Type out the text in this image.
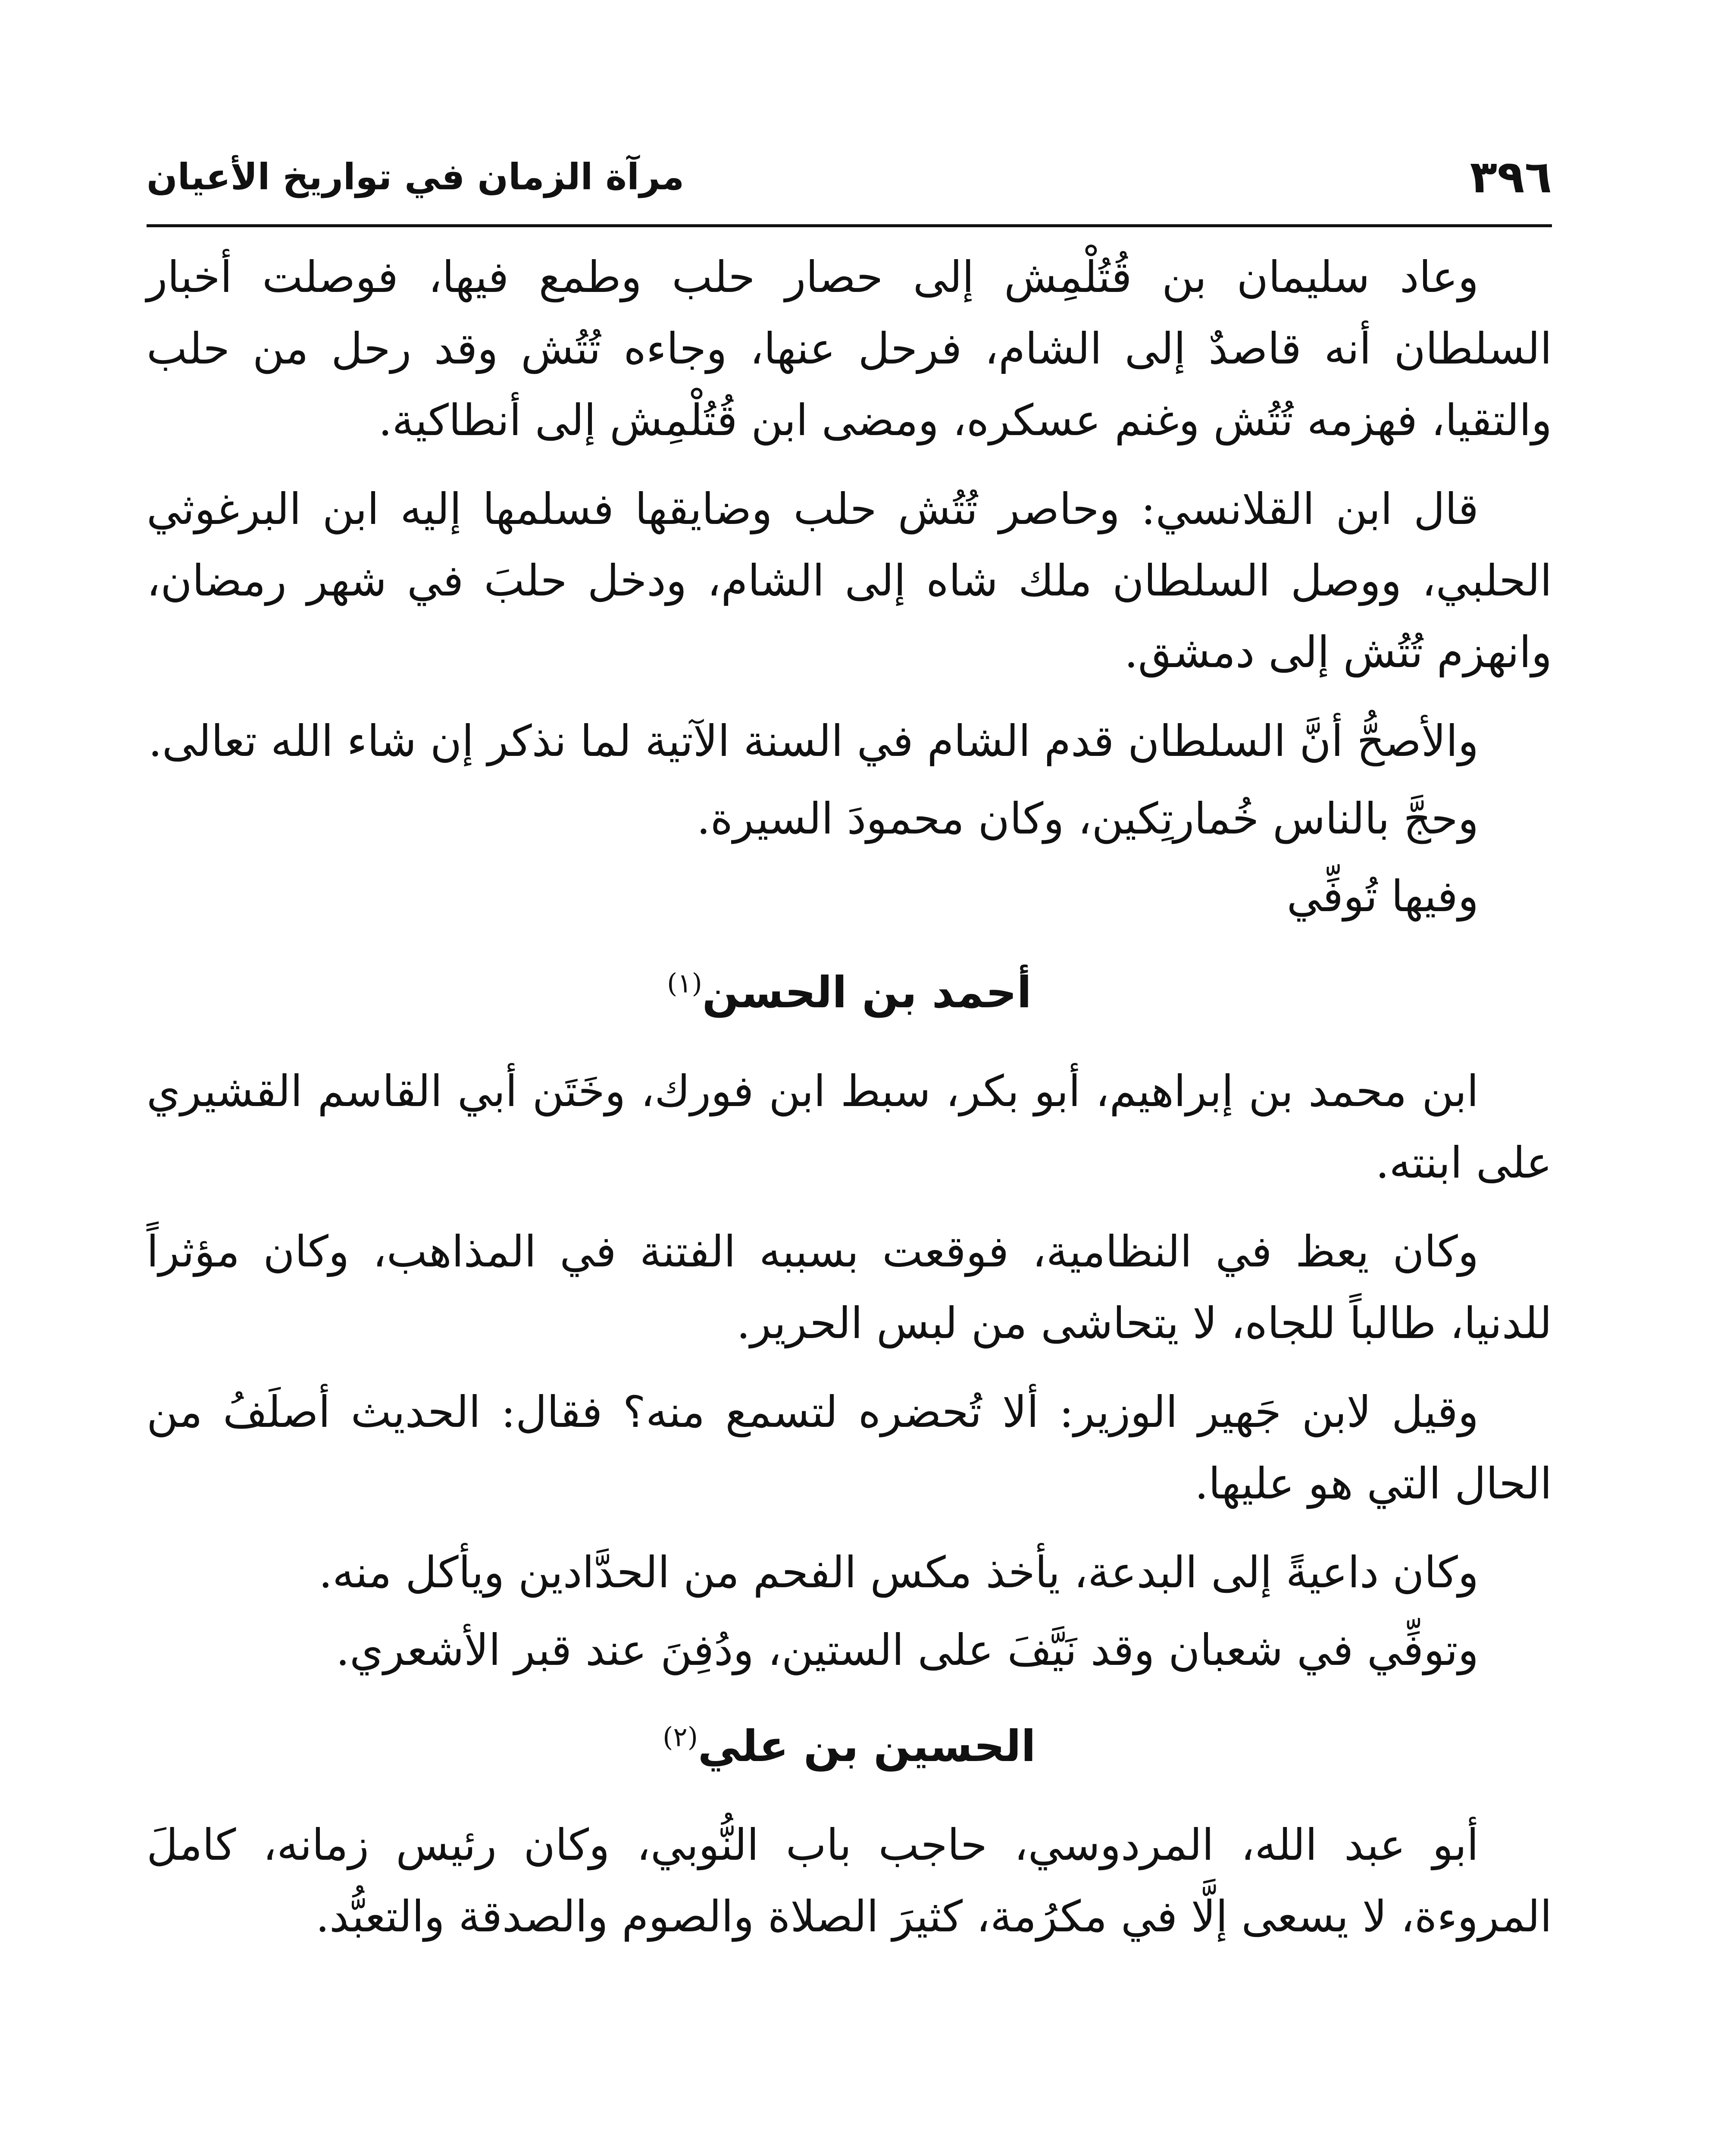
٣٩٦
مرآة الزمان في تواريخ الأعيان

وعاد سليمان بن قُتُلْمِش إلى حصار حلب وطمع فيها، فوصلت أخبار السلطان أنه قاصدٌ إلى الشام، فرحل عنها، وجاءه تُتُش وقد رحل من حلب والتقيا، فهزمه تُتُش وغنم عسكره، ومضى ابن قُتُلْمِش إلى أنطاكية.

قال ابن القلانسي: وحاصر تُتُش حلب وضايقها فسلمها إليه ابن البرغوثي الحلبي، ووصل السلطان ملك شاه إلى الشام، ودخل حلبَ في شهر رمضان، وانهزم تُتُش إلى دمشق.

والأصحُّ أنَّ السلطان قدم الشام في السنة الآتية لما نذكر إن شاء الله تعالى.

وحجَّ بالناس خُمارتِكين، وكان محمودَ السيرة.

وفيها تُوفِّي

أحمد بن الحسن$^{(١)}$

ابن محمد بن إبراهيم، أبو بكر، سبط ابن فورك، وخَتَن أبي القاسم القشيري على ابنته.

وكان يعظ في النظامية، فوقعت بسببه الفتنة في المذاهب، وكان مؤثراً للدنيا، طالباً للجاه، لا يتحاشى من لبس الحرير.

وقيل لابن جَهير الوزير: ألا تُحضره لتسمع منه؟ فقال: الحديث أصلَفُ من الحال التي هو عليها.

وكان داعيةً إلى البدعة، يأخذ مكس الفحم من الحدَّادين ويأكل منه.

وتوفِّي في شعبان وقد نَيَّفَ على الستين، ودُفِنَ عند قبر الأشعري.

الحسين بن علي$^{(٢)}$

أبو عبد الله، المردوسي، حاجب باب النُّوبي، وكان رئيس زمانه، كاملَ المروءة، لا يسعى إلَّا في مكرُمة، كثيرَ الصلاة والصوم والصدقة والتعبُّد.
